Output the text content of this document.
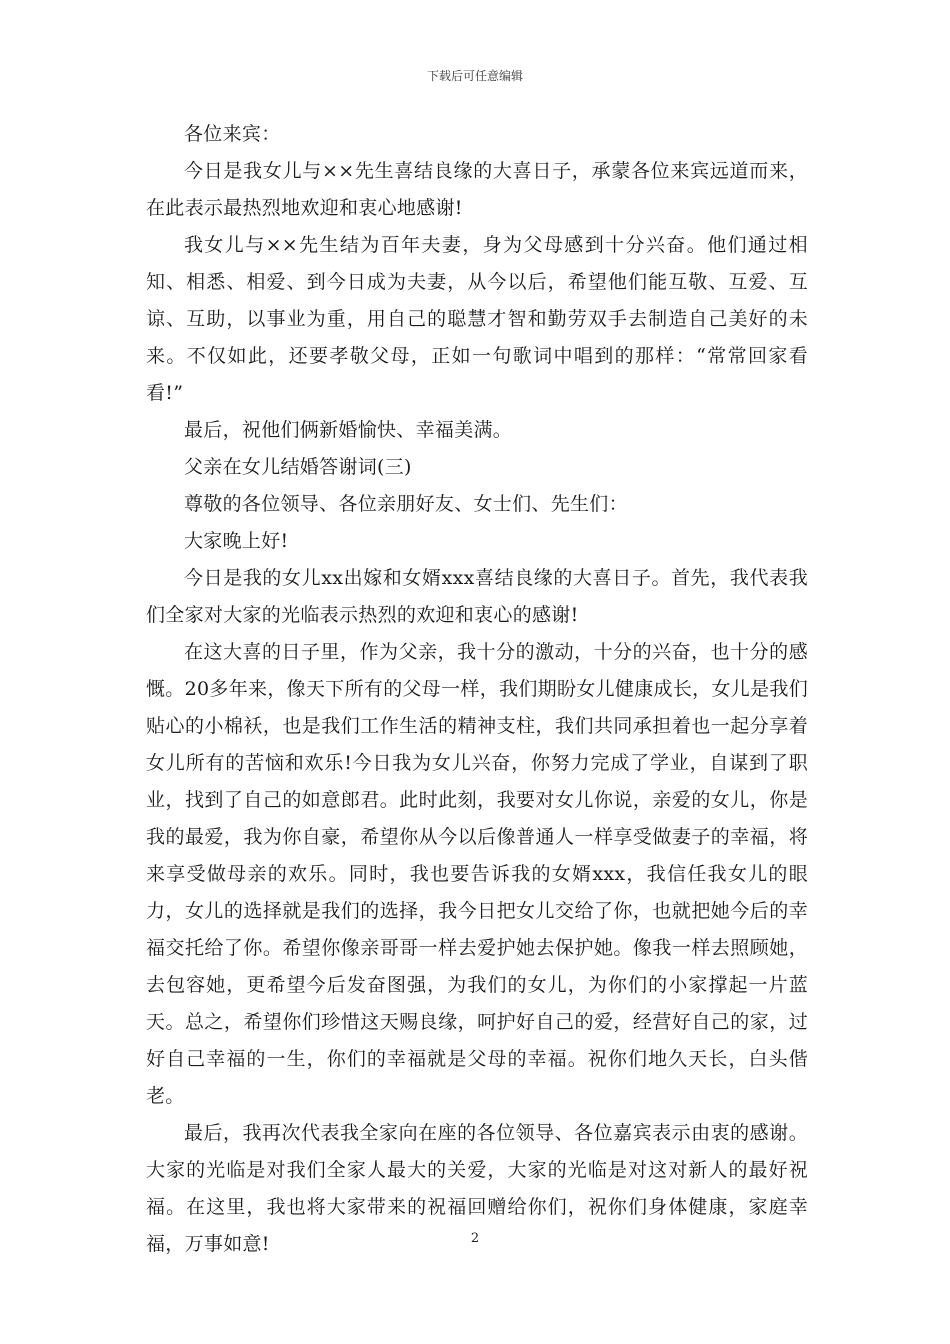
下载后可任意编辑

各位来宾：

今日是我女儿与××先生喜结良缘的大喜日子，承蒙各位来宾远道而来，在此表示最热烈地欢迎和衷心地感谢!

我女儿与××先生结为百年夫妻，身为父母感到十分兴奋。他们通过相知、相悉、相爱、到今日成为夫妻，从今以后，希望他们能互敬、互爱、互谅、互助，以事业为重，用自己的聪慧才智和勤劳双手去制造自己美好的未来。不仅如此，还要孝敬父母，正如一句歌词中唱到的那样：“常常回家看看!”

最后，祝他们俩新婚愉快、幸福美满。

父亲在女儿结婚答谢词(三)

尊敬的各位领导、各位亲朋好友、女士们、先生们：

大家晚上好!

今日是我的女儿xx出嫁和女婿xxx喜结良缘的大喜日子。首先，我代表我们全家对大家的光临表示热烈的欢迎和衷心的感谢!

在这大喜的日子里，作为父亲，我十分的激动，十分的兴奋，也十分的感慨。20多年来，像天下所有的父母一样，我们期盼女儿健康成长，女儿是我们贴心的小棉袄，也是我们工作生活的精神支柱，我们共同承担着也一起分享着女儿所有的苦恼和欢乐!今日我为女儿兴奋，你努力完成了学业，自谋到了职业，找到了自己的如意郎君。此时此刻，我要对女儿你说，亲爱的女儿，你是我的最爱，我为你自豪，希望你从今以后像普通人一样享受做妻子的幸福，将来享受做母亲的欢乐。同时，我也要告诉我的女婿xxx，我信任我女儿的眼力，女儿的选择就是我们的选择，我今日把女儿交给了你，也就把她今后的幸福交托给了你。希望你像亲哥哥一样去爱护她去保护她。像我一样去照顾她，去包容她，更希望今后发奋图强，为我们的女儿，为你们的小家撑起一片蓝天。总之，希望你们珍惜这天赐良缘，呵护好自己的爱，经营好自己的家，过好自己幸福的一生，你们的幸福就是父母的幸福。祝你们地久天长，白头偕老。

最后，我再次代表我全家向在座的各位领导、各位嘉宾表示由衷的感谢。大家的光临是对我们全家人最大的关爱，大家的光临是对这对新人的最好祝福。在这里，我也将大家带来的祝福回赠给你们，祝你们身体健康，家庭幸福，万事如意!	2
